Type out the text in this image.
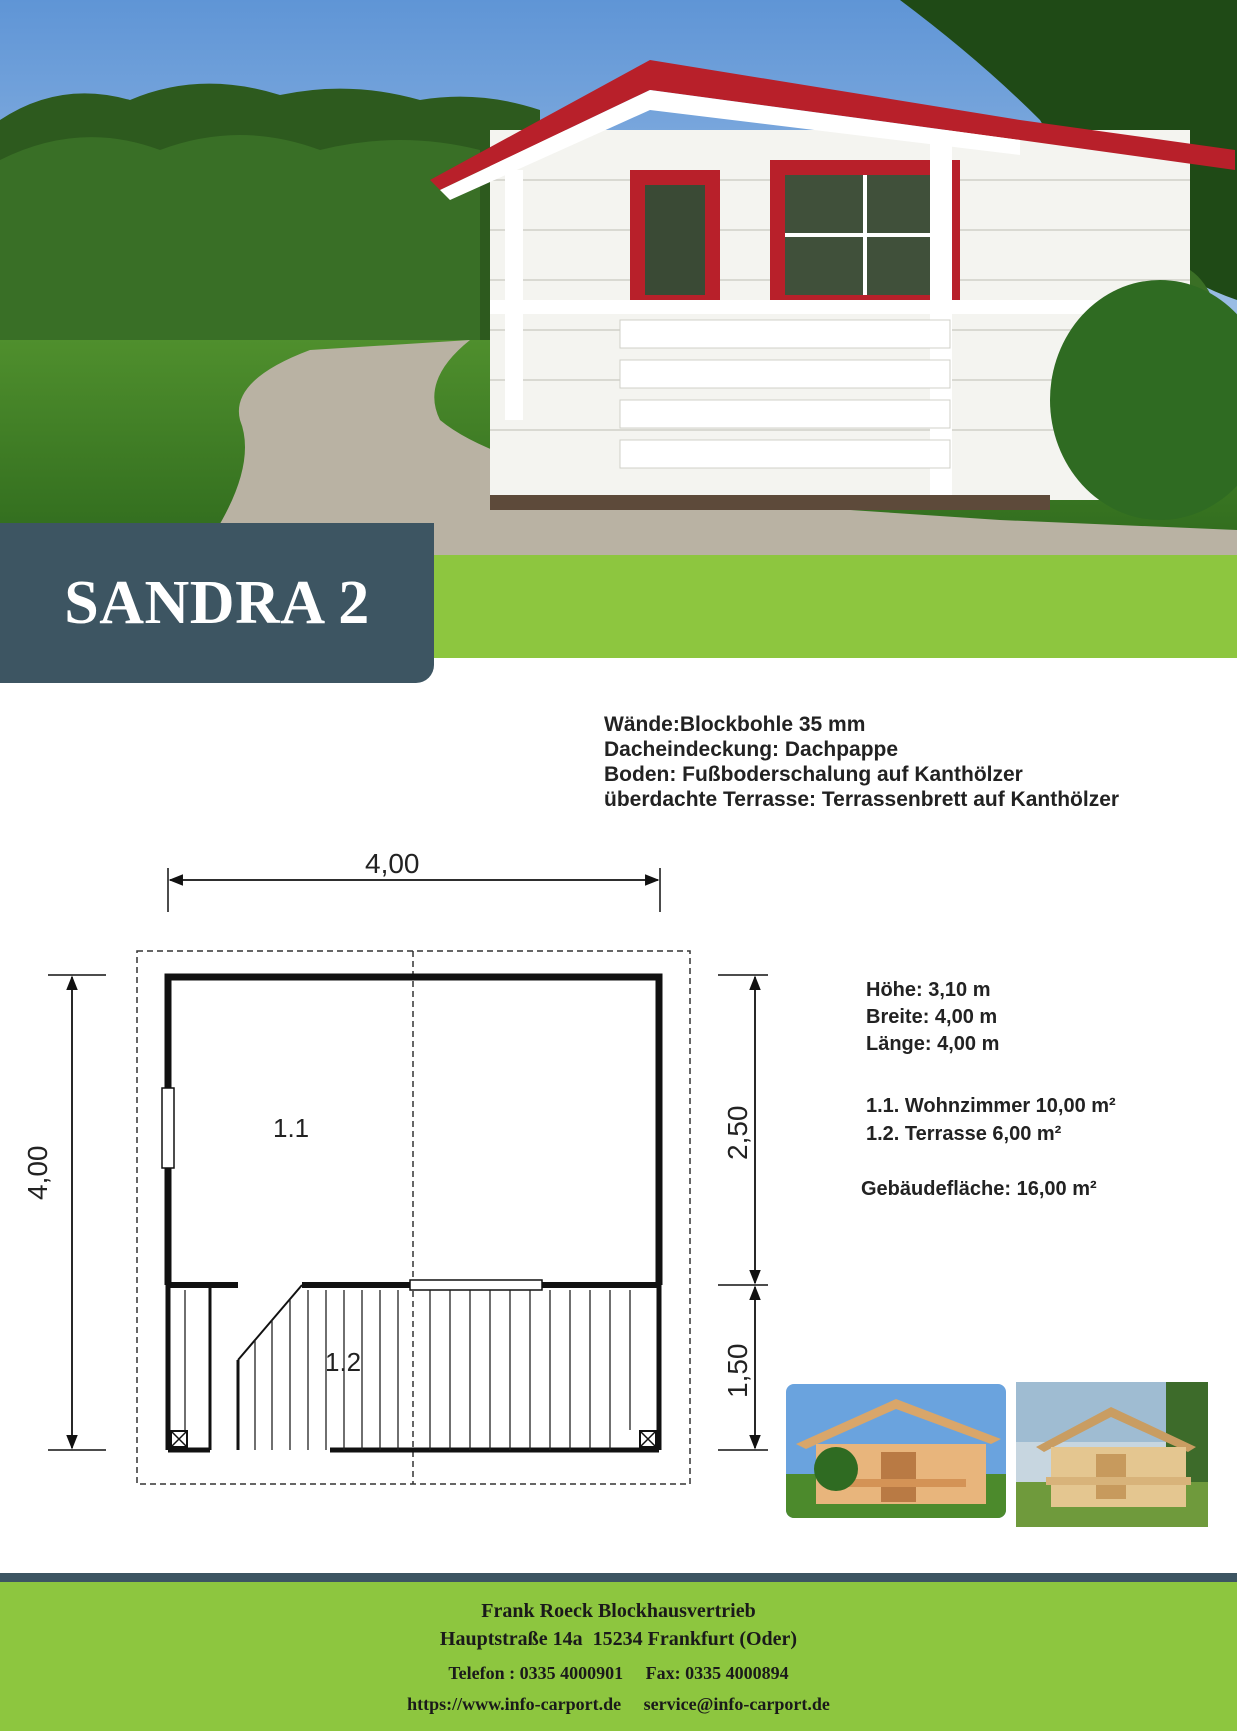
SANDRA 2
Wände:Blockbohle 35 mm
Dacheindeckung: Dachpappe
Boden: Fußboderschalung auf Kanthölzer
überdachte Terrasse: Terrassenbrett auf Kanthölzer
4,00
4,00
2,50
1,50
1.1
1.2
Höhe: 3,10 m
Breite: 4,00 m
Länge: 4,00 m
1.1. Wohnzimmer 10,00 m²
1.2. Terrasse 6,00 m²
Gebäudefläche: 16,00 m²
Frank Roeck Blockhausvertrieb
Hauptstraße 14a  15234 Frankfurt (Oder)
Telefon : 0335 4000901     Fax: 0335 4000894
https://www.info-carport.de     service@info-carport.de
